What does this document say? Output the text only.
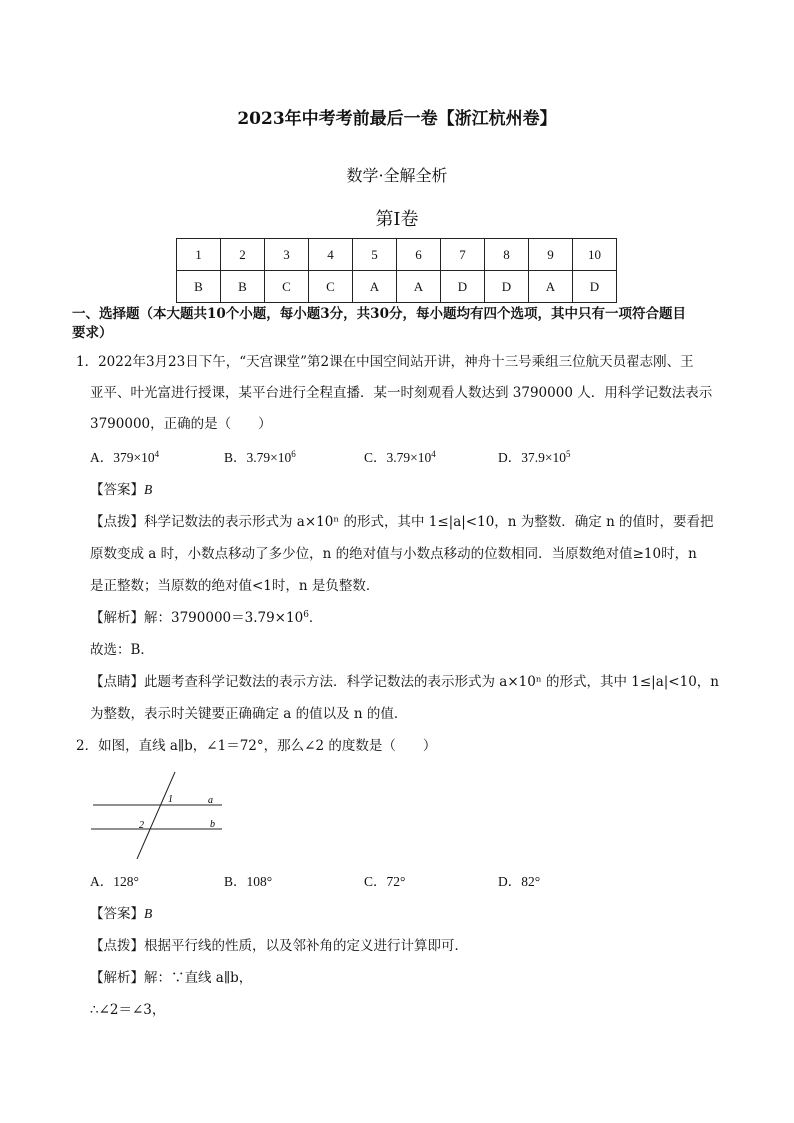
2023年中考考前最后一卷【浙江杭州卷】
数学·全解全析
第Ⅰ卷
1	2	3	4	5	6	7	8	9	10
B	B	C	C	A	A	D	D	A	D
一、选择题（本大题共10个小题，每小题3分，共30分，每小题均有四个选项，其中只有一项符合题目
要求）
1．2022年3月23日下午，“天宫课堂”第2课在中国空间站开讲，神舟十三号乘组三位航天员翟志刚、王
亚平、叶光富进行授课，某平台进行全程直播．某一时刻观看人数达到 3790000 人．用科学记数法表示
3790000，正确的是（　　）
A．$379\times 10^4$	B．$3.79\times 10^6$	C．$3.79\times 10^4$	D．$37.9\times 10^5$
【答案】B
【点拨】科学记数法的表示形式为 a×10ⁿ 的形式，其中 1≤|a|<10，n 为整数．确定 n 的值时，要看把
原数变成 a 时，小数点移动了多少位，n 的绝对值与小数点移动的位数相同．当原数绝对值≥10时，n
是正整数；当原数的绝对值<1时，n 是负整数．
【解析】解：$3790000=3.79\times 10^6$．
故选：B．
【点睛】此题考查科学记数法的表示方法．科学记数法的表示形式为 a×10ⁿ 的形式，其中 1≤|a|<10，n
为整数，表示时关键要正确确定 a 的值以及 n 的值．
2．如图，直线 a∥b，∠1＝72°，那么∠2 的度数是（　　）
1
2
a
b
A．128°	B．108°	C．72°	D．82°
【答案】B
【点拨】根据平行线的性质，以及邻补角的定义进行计算即可．
【解析】解：∵直线 a∥b，
∴∠2＝∠3，
